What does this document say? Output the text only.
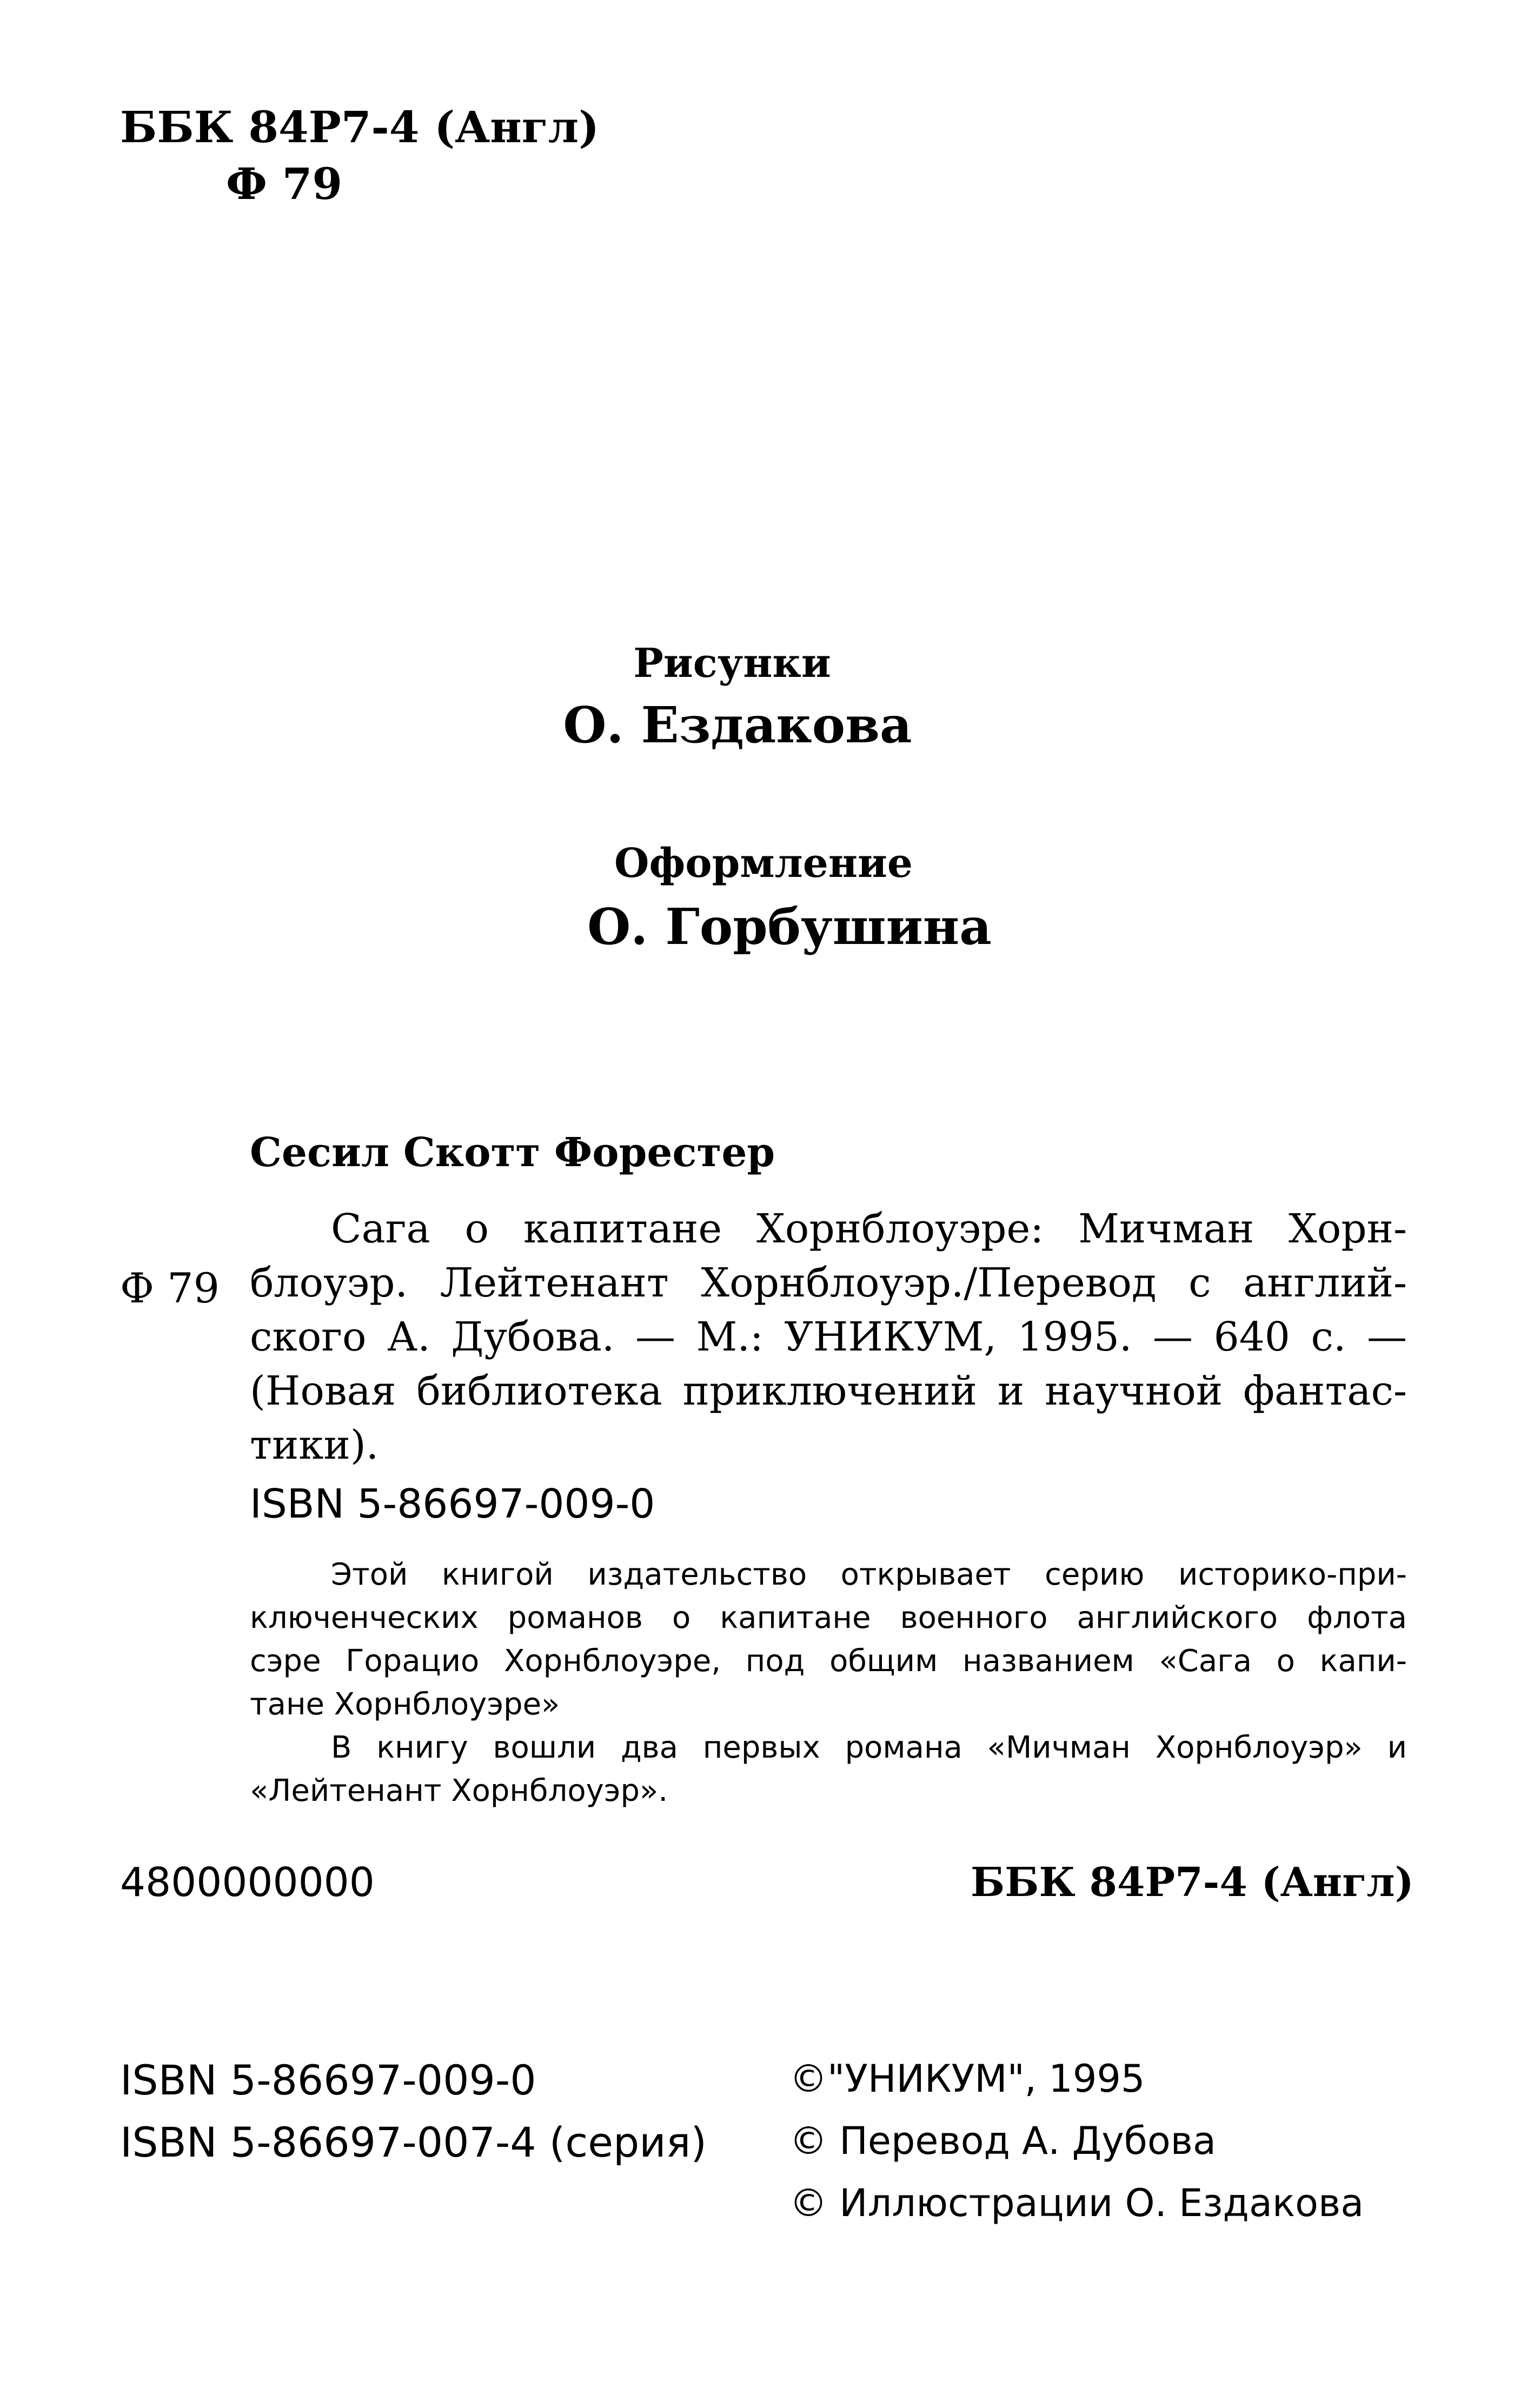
ББК 84Р7-4 (Англ)
Ф 79
Рисунки
О. Ездакова
Оформление
О. Горбушина
Сесил Скотт Форестер
Ф 79
Сага о капитане Хорнблоуэре: Мичман Хорн-
блоуэр. Лейтенант Хорнблоуэр./Перевод с англий-
ского А. Дубова. — М.: УНИКУМ, 1995. — 640 с. —
(Новая библиотека приключений и научной фантас-
тики).
ISBN 5-86697-009-0
Этой книгой издательство открывает серию историко-при-
ключенческих романов о капитане военного английского флота
сэре Горацио Хорнблоуэре, под общим названием «Сага о капи-
тане Хорнблоуэре»
В книгу вошли два первых романа «Мичман Хорнблоуэр» и
«Лейтенант Хорнблоуэр».
4800000000	ББК 84Р7-4 (Англ)
ISBN 5-86697-009-0
ISBN 5-86697-007-4 (серия)
©"УНИКУМ", 1995
© Перевод А. Дубова
© Иллюстрации О. Ездакова
